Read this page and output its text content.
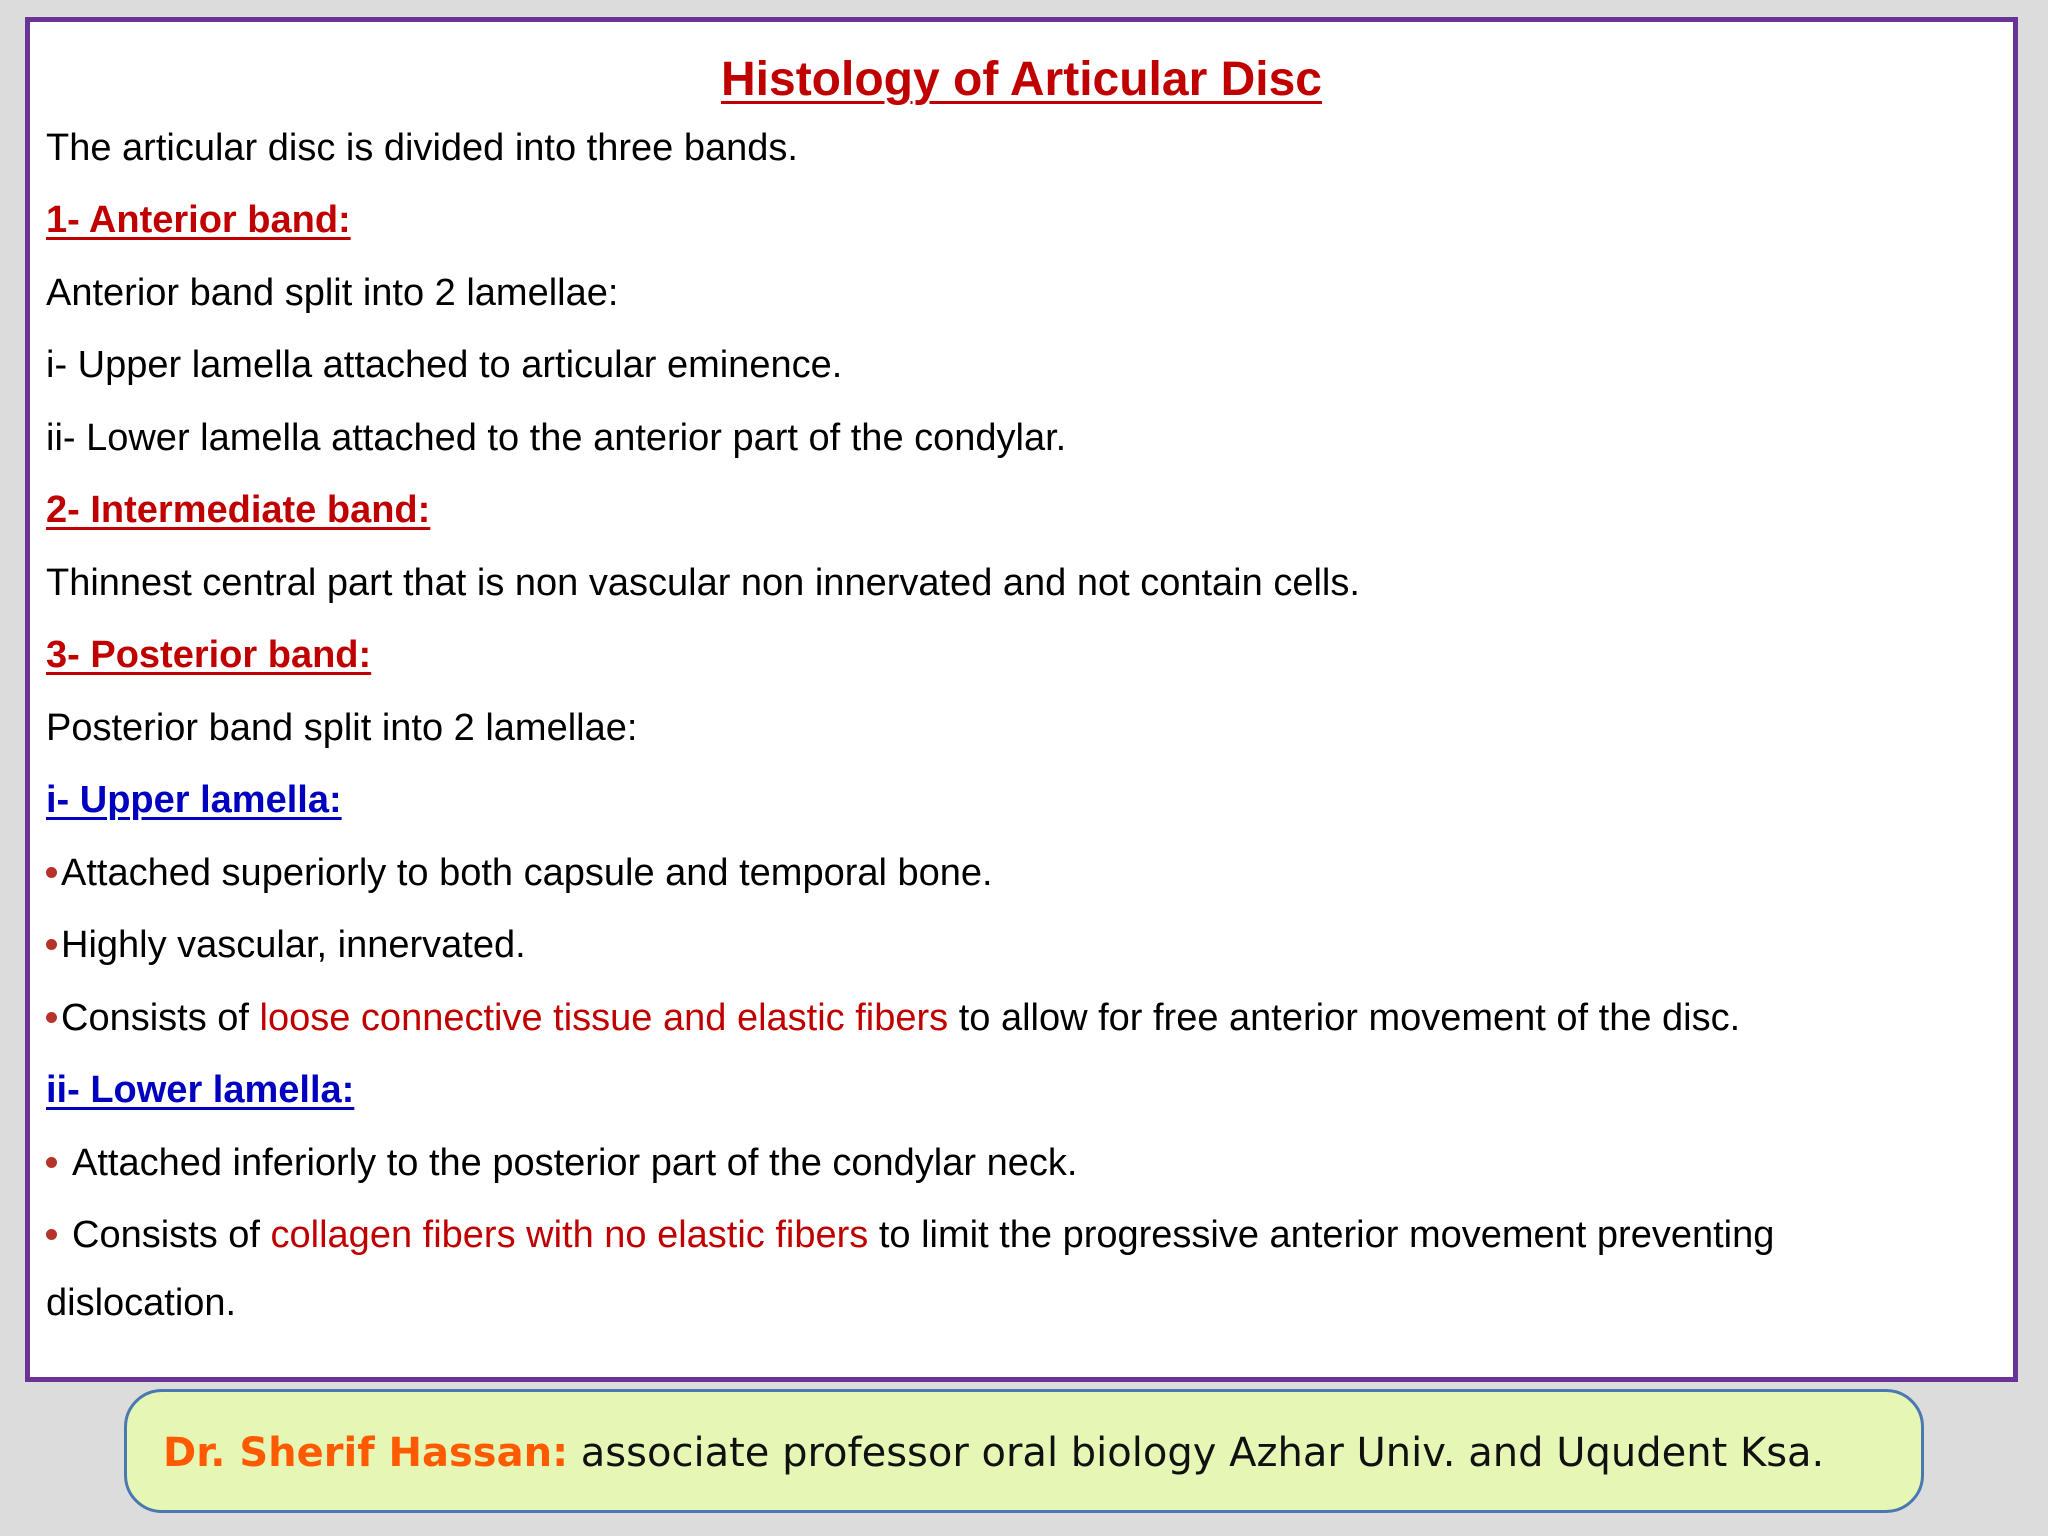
Histology of Articular Disc

The articular disc is divided into three bands.

1- Anterior band:

Anterior band split into 2 lamellae:

i- Upper lamella attached to articular eminence.

ii- Lower lamella attached to the anterior part of the condylar.

2- Intermediate band:

Thinnest central part that is non vascular non innervated and not contain cells.

3- Posterior band:

Posterior band split into 2 lamellae:

i- Upper lamella:

Attached superiorly to both capsule and temporal bone.

Highly vascular, innervated.

Consists of loose connective tissue and elastic fibers to allow for free anterior movement of the disc.

ii- Lower lamella:

Attached inferiorly to the posterior part of the condylar neck.

Consists of collagen fibers with no elastic fibers to limit the progressive anterior movement preventing

dislocation.

Dr. Sherif Hassan: associate professor oral biology Azhar Univ. and Uqudent Ksa.
